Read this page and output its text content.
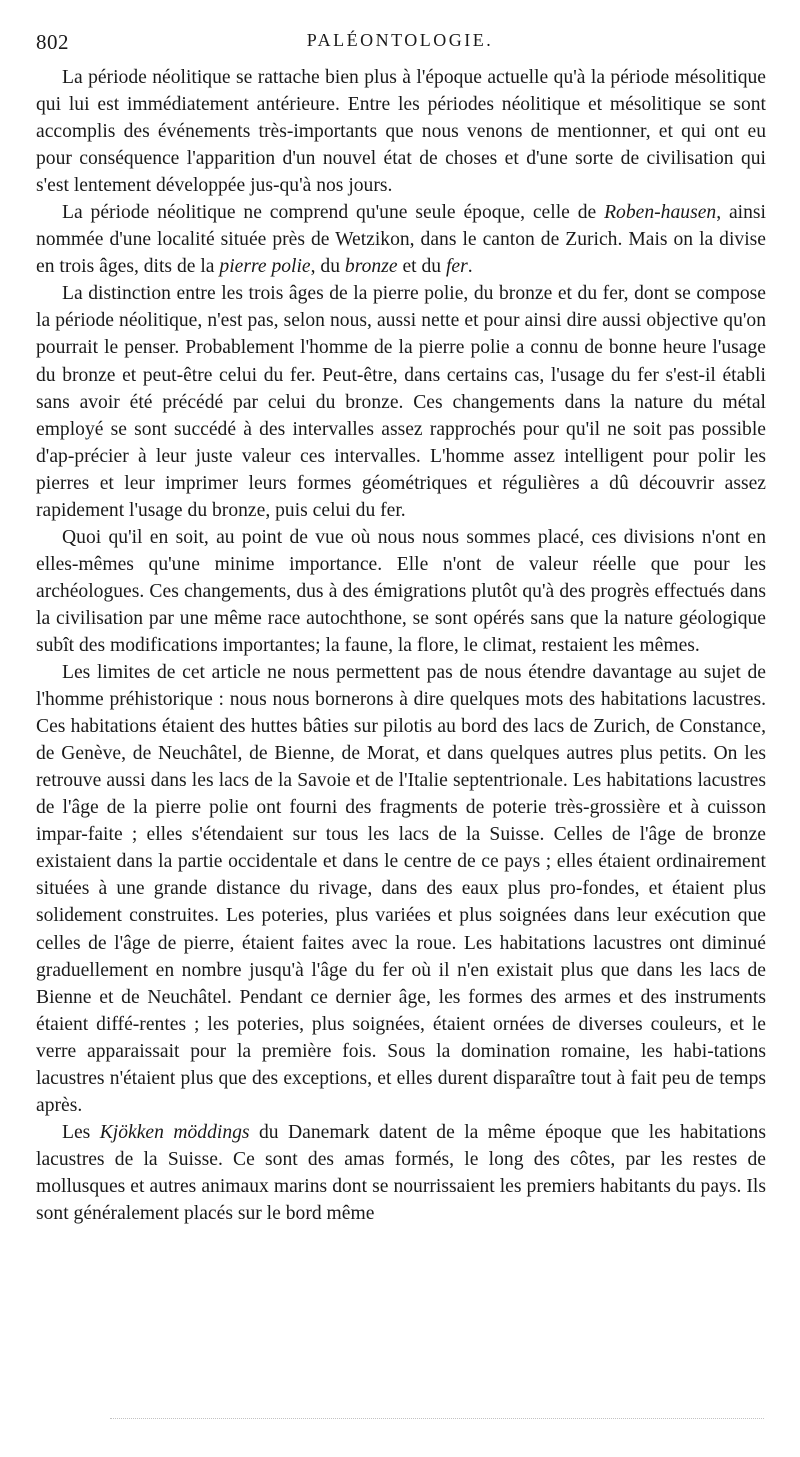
802	PALÉONTOLOGIE.

La période néolitique se rattache bien plus à l'époque actuelle qu'à la période mésolitique qui lui est immédiatement antérieure. Entre les périodes néolitique et mésolitique se sont accomplis des événements très-importants que nous venons de mentionner, et qui ont eu pour conséquence l'apparition d'un nouvel état de choses et d'une sorte de civilisation qui s'est lentement développée jus-qu'à nos jours.

La période néolitique ne comprend qu'une seule époque, celle de Roben-hausen, ainsi nommée d'une localité située près de Wetzikon, dans le canton de Zurich. Mais on la divise en trois âges, dits de la pierre polie, du bronze et du fer.

La distinction entre les trois âges de la pierre polie, du bronze et du fer, dont se compose la période néolitique, n'est pas, selon nous, aussi nette et pour ainsi dire aussi objective qu'on pourrait le penser. Probablement l'homme de la pierre polie a connu de bonne heure l'usage du bronze et peut-être celui du fer. Peut-être, dans certains cas, l'usage du fer s'est-il établi sans avoir été précédé par celui du bronze. Ces changements dans la nature du métal employé se sont succédé à des intervalles assez rapprochés pour qu'il ne soit pas possible d'ap-précier à leur juste valeur ces intervalles. L'homme assez intelligent pour polir les pierres et leur imprimer leurs formes géométriques et régulières a dû découvrir assez rapidement l'usage du bronze, puis celui du fer.

Quoi qu'il en soit, au point de vue où nous nous sommes placé, ces divisions n'ont en elles-mêmes qu'une minime importance. Elle n'ont de valeur réelle que pour les archéologues. Ces changements, dus à des émigrations plutôt qu'à des progrès effectués dans la civilisation par une même race autochthone, se sont opérés sans que la nature géologique subît des modifications importantes; la faune, la flore, le climat, restaient les mêmes.

Les limites de cet article ne nous permettent pas de nous étendre davantage au sujet de l'homme préhistorique : nous nous bornerons à dire quelques mots des habitations lacustres. Ces habitations étaient des huttes bâties sur pilotis au bord des lacs de Zurich, de Constance, de Genève, de Neuchâtel, de Bienne, de Morat, et dans quelques autres plus petits. On les retrouve aussi dans les lacs de la Savoie et de l'Italie septentrionale. Les habitations lacustres de l'âge de la pierre polie ont fourni des fragments de poterie très-grossière et à cuisson impar-faite ; elles s'étendaient sur tous les lacs de la Suisse. Celles de l'âge de bronze existaient dans la partie occidentale et dans le centre de ce pays ; elles étaient ordinairement situées à une grande distance du rivage, dans des eaux plus pro-fondes, et étaient plus solidement construites. Les poteries, plus variées et plus soignées dans leur exécution que celles de l'âge de pierre, étaient faites avec la roue. Les habitations lacustres ont diminué graduellement en nombre jusqu'à l'âge du fer où il n'en existait plus que dans les lacs de Bienne et de Neuchâtel. Pendant ce dernier âge, les formes des armes et des instruments étaient diffé-rentes ; les poteries, plus soignées, étaient ornées de diverses couleurs, et le verre apparaissait pour la première fois. Sous la domination romaine, les habi-tations lacustres n'étaient plus que des exceptions, et elles durent disparaître tout à fait peu de temps après.

Les Kjökken möddings du Danemark datent de la même époque que les habitations lacustres de la Suisse. Ce sont des amas formés, le long des côtes, par les restes de mollusques et autres animaux marins dont se nourrissaient les premiers habitants du pays. Ils sont généralement placés sur le bord même
